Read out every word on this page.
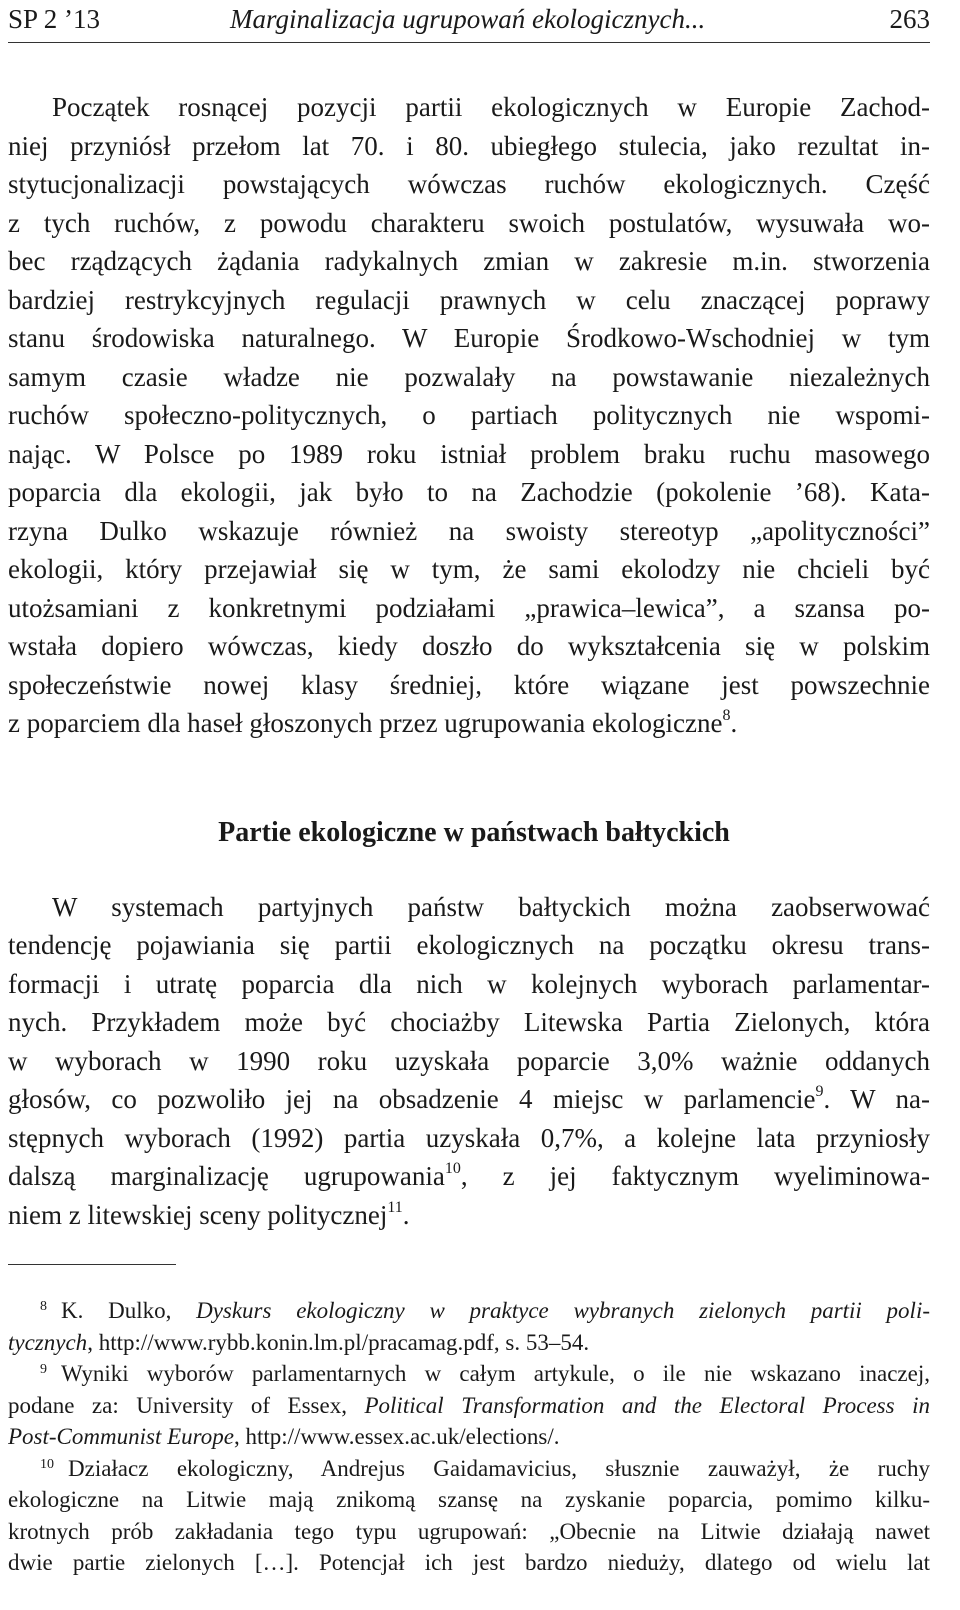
SP 2 ’13	Marginalizacja ugrupowań ekologicznych...	263
Początek rosnącej pozycji partii ekologicznych w Europie Zachod-
niej przyniósł przełom lat 70. i 80. ubiegłego stulecia, jako rezultat in-
stytucjonalizacji powstających wówczas ruchów ekologicznych. Część
z tych ruchów, z powodu charakteru swoich postulatów, wysuwała wo-
bec rządzących żądania radykalnych zmian w zakresie m.in. stworzenia
bardziej restrykcyjnych regulacji prawnych w celu znaczącej poprawy
stanu środowiska naturalnego. W Europie Środkowo-Wschodniej w tym
samym czasie władze nie pozwalały na powstawanie niezależnych
ruchów społeczno-politycznych, o partiach politycznych nie wspomi-
nając. W Polsce po 1989 roku istniał problem braku ruchu masowego
poparcia dla ekologii, jak było to na Zachodzie (pokolenie ’68). Kata-
rzyna Dulko wskazuje również na swoisty stereotyp „apolityczności”
ekologii, który przejawiał się w tym, że sami ekolodzy nie chcieli być
utożsamiani z konkretnymi podziałami „prawica–lewica”, a szansa po-
wstała dopiero wówczas, kiedy doszło do wykształcenia się w polskim
społeczeństwie nowej klasy średniej, które wiązane jest powszechnie
z poparciem dla haseł głoszonych przez ugrupowania ekologiczne$^8$.
Partie ekologiczne w państwach bałtyckich
W systemach partyjnych państw bałtyckich można zaobserwować
tendencję pojawiania się partii ekologicznych na początku okresu trans-
formacji i utratę poparcia dla nich w kolejnych wyborach parlamentar-
nych. Przykładem może być chociażby Litewska Partia Zielonych, która
w wyborach w 1990 roku uzyskała poparcie 3,0% ważnie oddanych
głosów, co pozwoliło jej na obsadzenie 4 miejsc w parlamencie$^9$. W na-
stępnych wyborach (1992) partia uzyskała 0,7%, a kolejne lata przyniosły
dalszą marginalizację ugrupowania$^{10}$, z jej faktycznym wyeliminowa-
niem z litewskiej sceny politycznej$^{11}$.
$^8$ K. Dulko, Dyskurs ekologiczny w praktyce wybranych zielonych partii poli-
tycznych, http://www.rybb.konin.lm.pl/pracamag.pdf, s. 53–54.
$^9$ Wyniki wyborów parlamentarnych w całym artykule, o ile nie wskazano inaczej,
podane za: University of Essex, Political Transformation and the Electoral Process in
Post-Communist Europe, http://www.essex.ac.uk/elections/.
$^{10}$ Działacz ekologiczny, Andrejus Gaidamavicius, słusznie zauważył, że ruchy
ekologiczne na Litwie mają znikomą szansę na zyskanie poparcia, pomimo kilku-
krotnych prób zakładania tego typu ugrupowań: „Obecnie na Litwie działają nawet
dwie partie zielonych […]. Potencjał ich jest bardzo nieduży, dlatego od wielu lat
